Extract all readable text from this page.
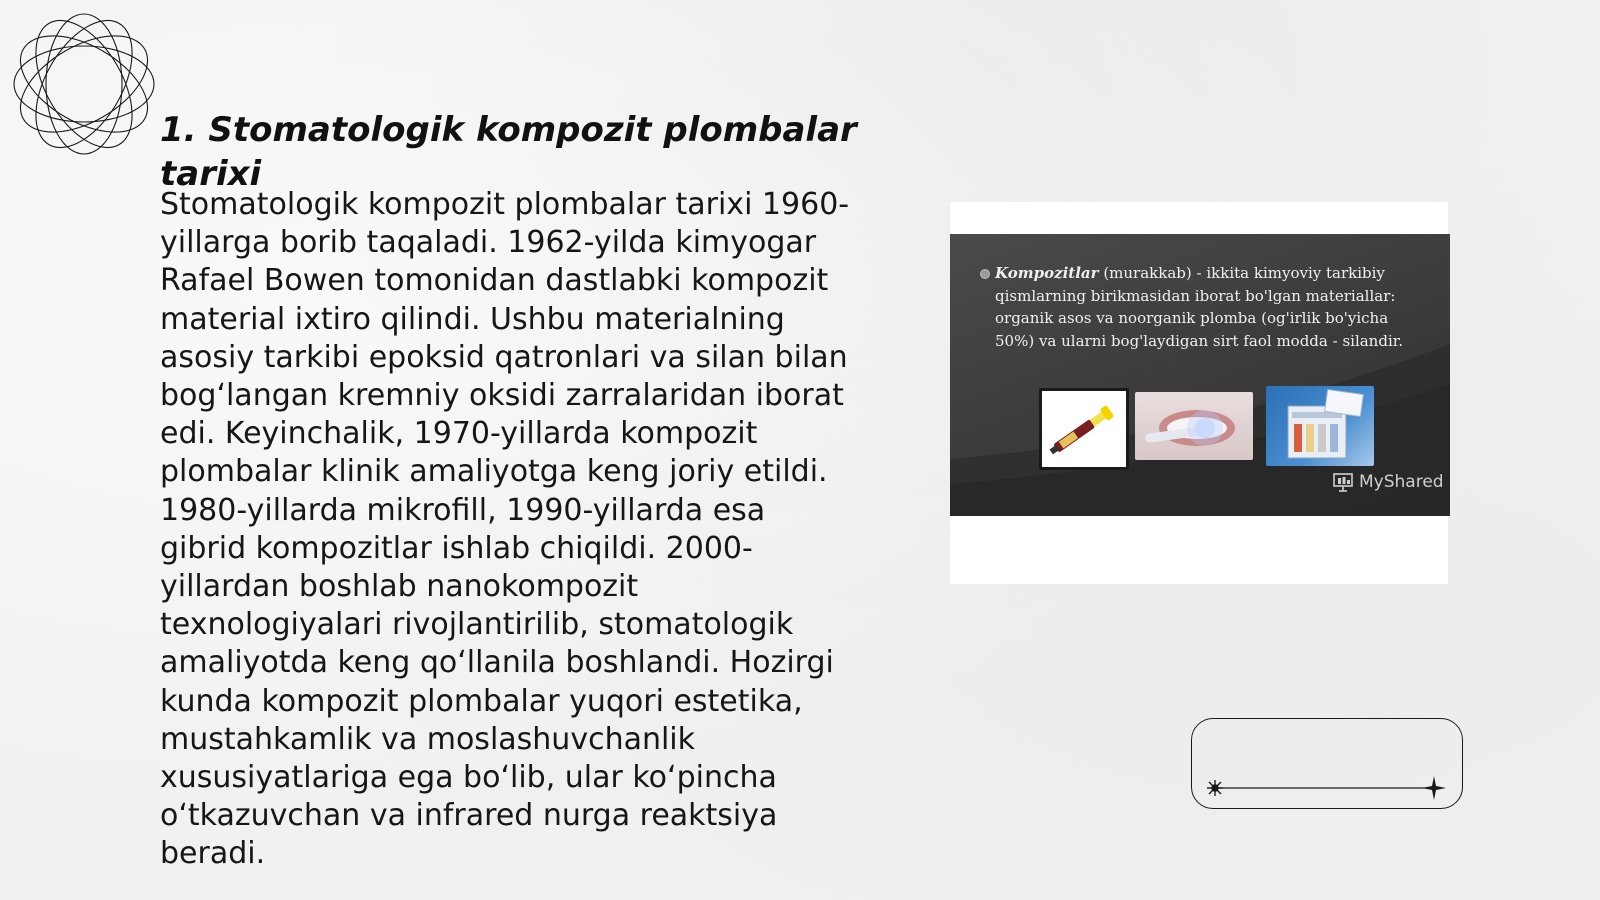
1. Stomatologik kompozit plombalar tarixi

Stomatologik kompozit plombalar tarixi 1960-yillarga borib taqaladi. 1962-yilda kimyogar Rafael Bowen tomonidan dastlabki kompozit material ixtiro qilindi. Ushbu materialning asosiy tarkibi epoksid qatronlari va silan bilan bog‘langan kremniy oksidi zarralaridan iborat edi. Keyinchalik, 1970-yillarda kompozit plombalar klinik amaliyotga keng joriy etildi. 1980-yillarda mikrofill, 1990-yillarda esa gibrid kompozitlar ishlab chiqildi. 2000-yillardan boshlab nanokompozit texnologiyalari rivojlantirilib, stomatologik amaliyotda keng qo‘llanila boshlandi. Hozirgi kunda kompozit plombalar yuqori estetika, mustahkamlik va moslashuvchanlik xususiyatlariga ega bo‘lib, ular ko‘pincha o‘tkazuvchan va infrared nurga reaktsiya beradi.

Kompozitlar (murakkab) - ikkita kimyoviy tarkibiy qismlarning birikmasidan iborat bo'lgan materiallar: organik asos va noorganik plomba (og'irlik bo'yicha 50%) va ularni bog'laydigan sirt faol modda - silandir.

MyShared
